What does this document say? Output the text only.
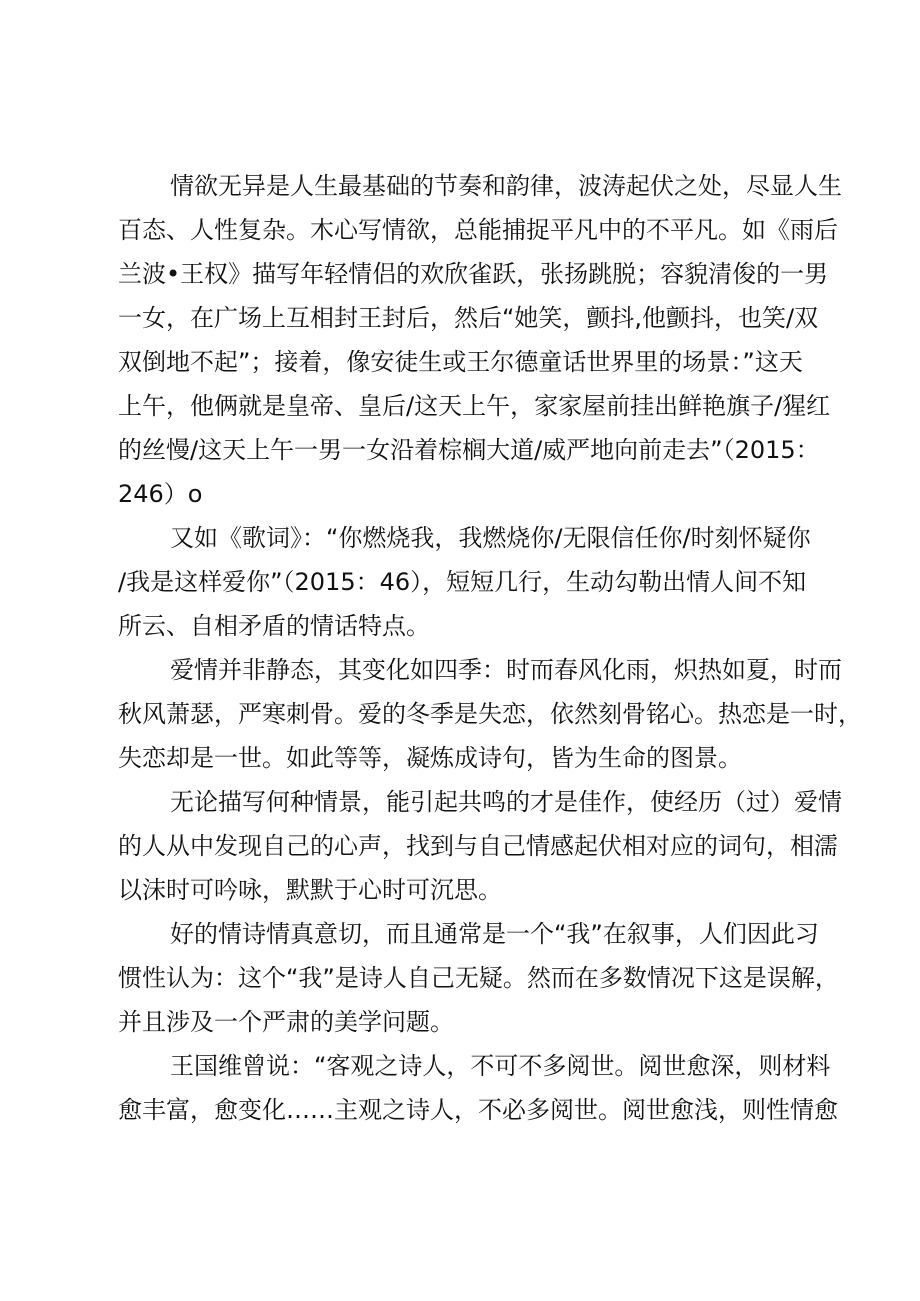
情欲无异是人生最基础的节奏和韵律，波涛起伏之处，尽显人生
百态、人性复杂。木心写情欲，总能捕捉平凡中的不平凡。如《雨后
兰波•王权》描写年轻情侣的欢欣雀跃，张扬跳脱；容貌清俊的一男
一女，在广场上互相封王封后，然后“她笑，颤抖,他颤抖，也笑/双
双倒地不起”；接着，像安徒生或王尔德童话世界里的场景：”这天
上午，他俩就是皇帝、皇后/这天上午，家家屋前挂出鲜艳旗子/猩红
的丝慢/这天上午一男一女沿着棕榈大道/威严地向前走去”（2015：
246）o
又如《歌词》：“你燃烧我，我燃烧你/无限信任你/时刻怀疑你
/我是这样爱你”（2015：46），短短几行，生动勾勒出情人间不知
所云、自相矛盾的情话特点。
爱情并非静态，其变化如四季：时而春风化雨，炽热如夏，时而
秋风萧瑟，严寒刺骨。爱的冬季是失恋，依然刻骨铭心。热恋是一时，
失恋却是一世。如此等等，凝炼成诗句，皆为生命的图景。
无论描写何种情景，能引起共鸣的才是佳作，使经历（过）爱情
的人从中发现自己的心声，找到与自己情感起伏相对应的词句，相濡
以沫时可吟咏，默默于心时可沉思。
好的情诗情真意切，而且通常是一个“我”在叙事，人们因此习
惯性认为：这个“我”是诗人自己无疑。然而在多数情况下这是误解，
并且涉及一个严肃的美学问题。
王国维曾说：“客观之诗人，不可不多阅世。阅世愈深，则材料
愈丰富，愈变化……主观之诗人，不必多阅世。阅世愈浅，则性情愈
